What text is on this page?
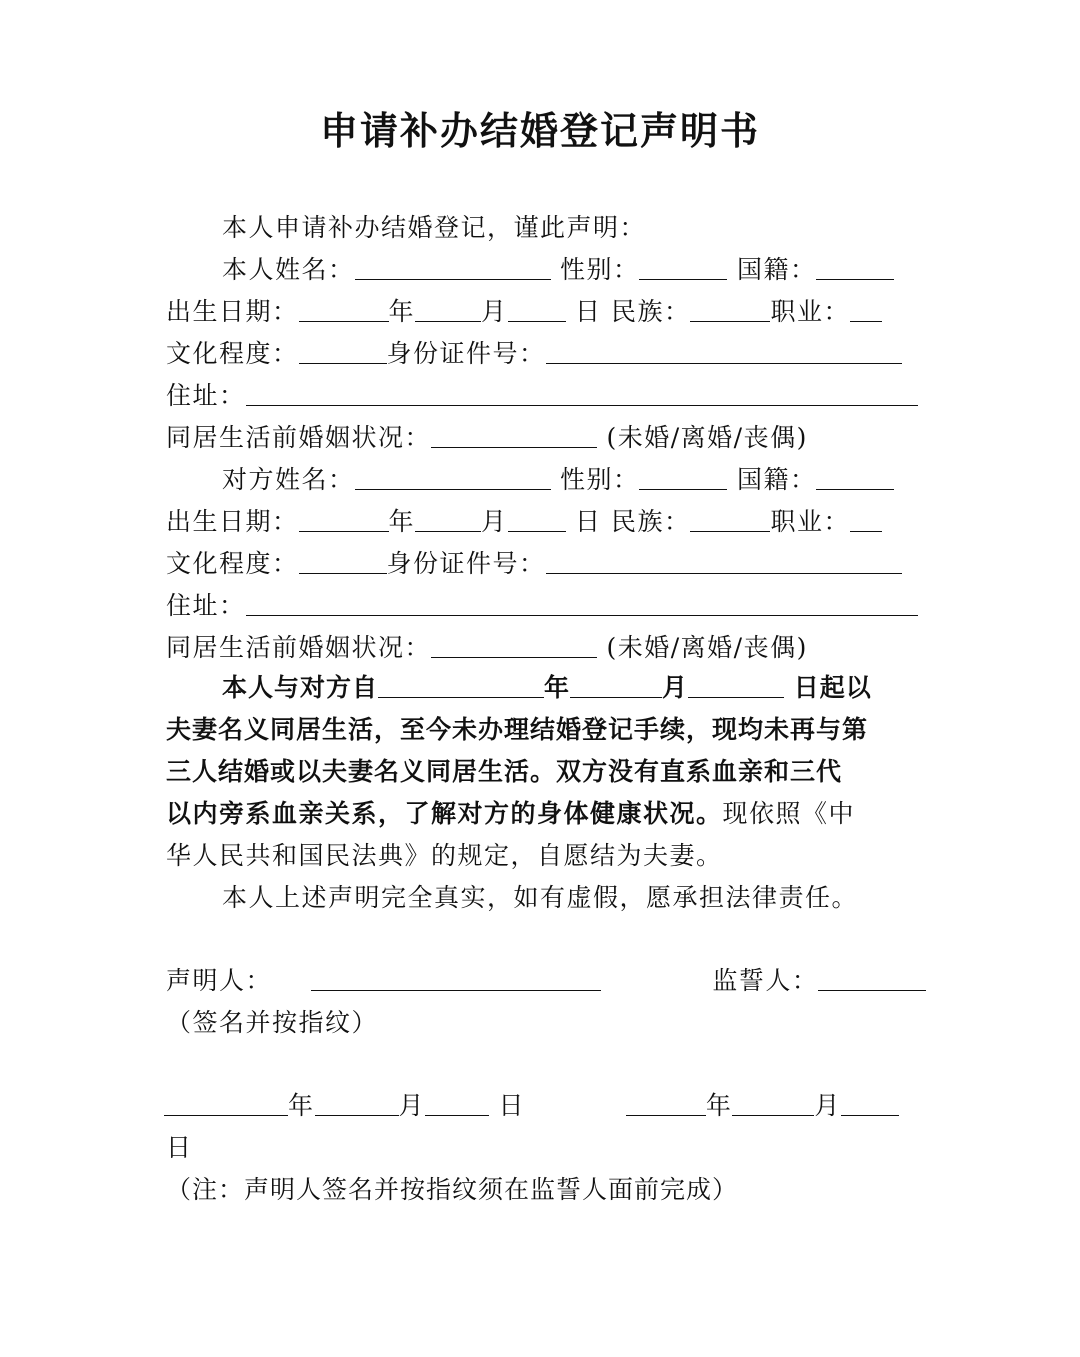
申请补办结婚登记声明书
本人申请补办结婚登记，谨此声明：
本人姓名：	性别：	国籍：
出生日期：	年	月	日 民族：	职业：
文化程度：	身份证件号：
住址：
同居生活前婚姻状况：	(未婚/离婚/丧偶)
对方姓名：	性别：	国籍：
出生日期：	年	月	日 民族：	职业：
文化程度：	身份证件号：
住址：
同居生活前婚姻状况：	(未婚/离婚/丧偶)
本人与对方自	年	月	日起以
夫妻名义同居生活，至今未办理结婚登记手续，现均未再与第
三人结婚或以夫妻名义同居生活。双方没有直系血亲和三代
以内旁系血亲关系，了解对方的身体健康状况。现依照《中
华人民共和国民法典》的规定，自愿结为夫妻。
本人上述声明完全真实，如有虚假，愿承担法律责任。
声明人：	监誓人：
（签名并按指纹）
年	月	日	年	月
日
（注：声明人签名并按指纹须在监誓人面前完成）
